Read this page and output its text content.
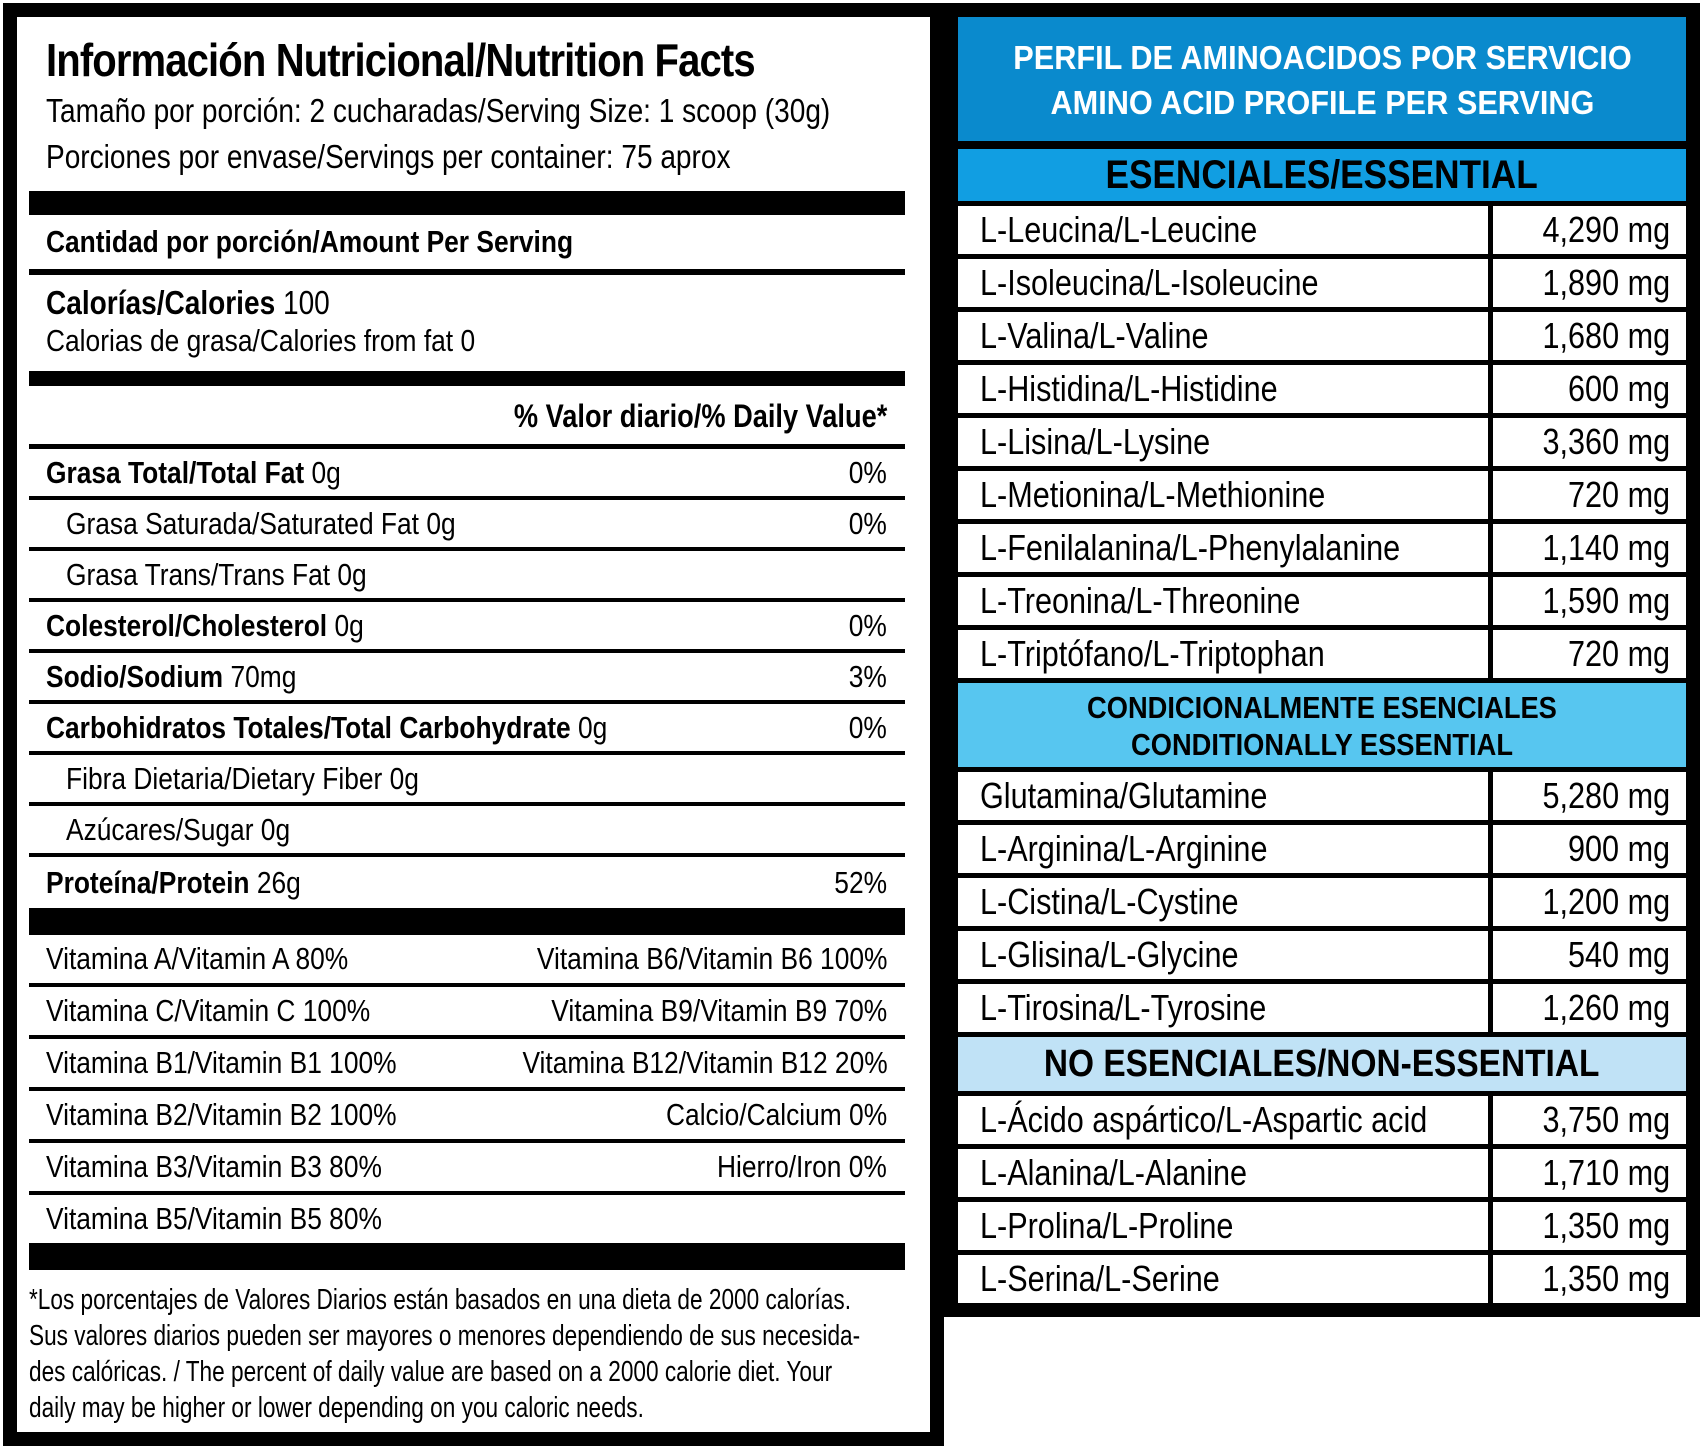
Información Nutricional/Nutrition Facts
Tamaño por porción: 2 cucharadas/Serving Size: 1 scoop (30g)
Porciones por envase/Servings per container: 75 aprox
Cantidad por porción/Amount Per Serving
Calorías/Calories 100
Calorias de grasa/Calories from fat 0
% Valor diario/% Daily Value*
Grasa Total/Total Fat 0g	0%
Grasa Saturada/Saturated Fat 0g	0%
Grasa Trans/Trans Fat 0g
Colesterol/Cholesterol 0g	0%
Sodio/Sodium 70mg	3%
Carbohidratos Totales/Total Carbohydrate 0g	0%
Fibra Dietaria/Dietary Fiber 0g
Azúcares/Sugar 0g
Proteína/Protein 26g	52%
Vitamina A/Vitamin A 80%	Vitamina B6/Vitamin B6 100%
Vitamina C/Vitamin C 100%	Vitamina B9/Vitamin B9 70%
Vitamina B1/Vitamin B1 100%	Vitamina B12/Vitamin B12 20%
Vitamina B2/Vitamin B2 100%	Calcio/Calcium 0%
Vitamina B3/Vitamin B3 80%	Hierro/Iron 0%
Vitamina B5/Vitamin B5 80%
*Los porcentajes de Valores Diarios están basados en una dieta de 2000 calorías.
Sus valores diarios pueden ser mayores o menores dependiendo de sus necesida-
des calóricas. / The percent of daily value are based on a 2000 calorie diet. Your
daily may be higher or lower depending on you caloric needs.
PERFIL DE AMINOACIDOS POR SERVICIO
AMINO ACID PROFILE PER SERVING
ESENCIALES/ESSENTIAL
L-Leucina/L-Leucine	4,290 mg
L-Isoleucina/L-Isoleucine	1,890 mg
L-Valina/L-Valine	1,680 mg
L-Histidina/L-Histidine	600 mg
L-Lisina/L-Lysine	3,360 mg
L-Metionina/L-Methionine	720 mg
L-Fenilalanina/L-Phenylalanine	1,140 mg
L-Treonina/L-Threonine	1,590 mg
L-Triptófano/L-Triptophan	720 mg
CONDICIONALMENTE ESENCIALES
CONDITIONALLY ESSENTIAL
Glutamina/Glutamine	5,280 mg
L-Arginina/L-Arginine	900 mg
L-Cistina/L-Cystine	1,200 mg
L-Glisina/L-Glycine	540 mg
L-Tirosina/L-Tyrosine	1,260 mg
NO ESENCIALES/NON-ESSENTIAL
L-Ácido aspártico/L-Aspartic acid	3,750 mg
L-Alanina/L-Alanine	1,710 mg
L-Prolina/L-Proline	1,350 mg
L-Serina/L-Serine	1,350 mg
